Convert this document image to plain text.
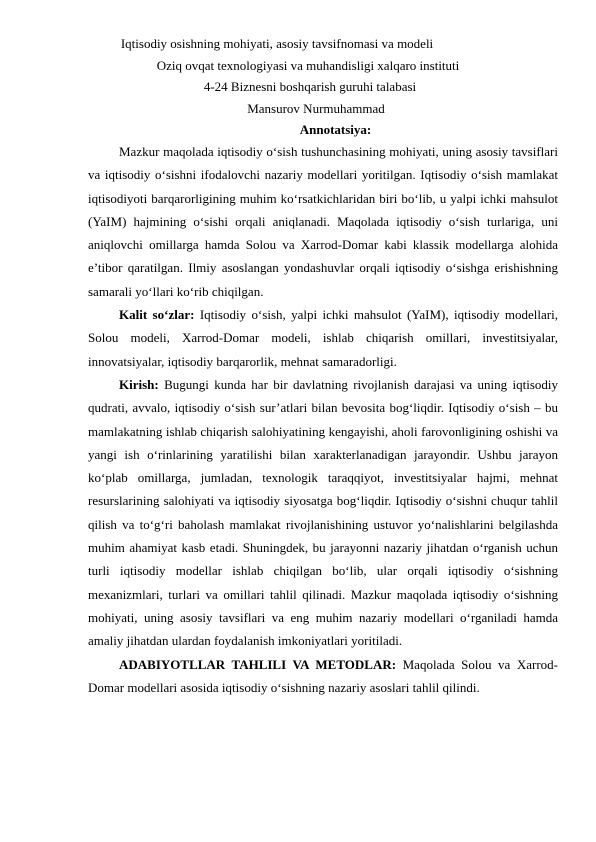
Iqtisodiy osishning mohiyati, asosiy tavsifnomasi va modeli
Oziq ovqat texnologiyasi va muhandisligi xalqaro instituti
4-24 Biznesni boshqarish guruhi talabasi
Mansurov Nurmuhammad
Annotatsiya:

Mazkur maqolada iqtisodiy o‘sish tushunchasining mohiyati, uning asosiy tavsiflari va iqtisodiy o‘sishni ifodalovchi nazariy modellari yoritilgan. Iqtisodiy o‘sish mamlakat iqtisodiyoti barqarorligining muhim ko‘rsatkichlaridan biri bo‘lib, u yalpi ichki mahsulot (YaIM) hajmining o‘sishi orqali aniqlanadi. Maqolada iqtisodiy o‘sish turlariga, uni aniqlovchi omillarga hamda Solou va Xarrod-Domar kabi klassik modellarga alohida e’tibor qaratilgan. Ilmiy asoslangan yondashuvlar orqali iqtisodiy o‘sishga erishishning samarali yo‘llari ko‘rib chiqilgan.

Kalit so‘zlar: Iqtisodiy o‘sish, yalpi ichki mahsulot (YaIM), iqtisodiy modellari, Solou modeli, Xarrod-Domar modeli, ishlab chiqarish omillari, investitsiyalar, innovatsiyalar, iqtisodiy barqarorlik, mehnat samaradorligi.

Kirish: Bugungi kunda har bir davlatning rivojlanish darajasi va uning iqtisodiy qudrati, avvalo, iqtisodiy o‘sish sur’atlari bilan bevosita bog‘liqdir. Iqtisodiy o‘sish – bu mamlakatning ishlab chiqarish salohiyatining kengayishi, aholi farovonligining oshishi va yangi ish o‘rinlarining yaratilishi bilan xarakterlanadigan jarayondir. Ushbu jarayon ko‘plab omillarga, jumladan, texnologik taraqqiyot, investitsiyalar hajmi, mehnat resurslarining salohiyati va iqtisodiy siyosatga bog‘liqdir. Iqtisodiy o‘sishni chuqur tahlil qilish va to‘g‘ri baholash mamlakat rivojlanishining ustuvor yo‘nalishlarini belgilashda muhim ahamiyat kasb etadi. Shuningdek, bu jarayonni nazariy jihatdan o‘rganish uchun turli iqtisodiy modellar ishlab chiqilgan bo‘lib, ular orqali iqtisodiy o‘sishning mexanizmlari, turlari va omillari tahlil qilinadi. Mazkur maqolada iqtisodiy o‘sishning mohiyati, uning asosiy tavsiflari va eng muhim nazariy modellari o‘rganiladi hamda amaliy jihatdan ulardan foydalanish imkoniyatlari yoritiladi.

ADABIYOTLLAR TAHLILI VA METODLAR: Maqolada Solou va Xarrod-Domar modellari asosida iqtisodiy o‘sishning nazariy asoslari tahlil qilindi.
